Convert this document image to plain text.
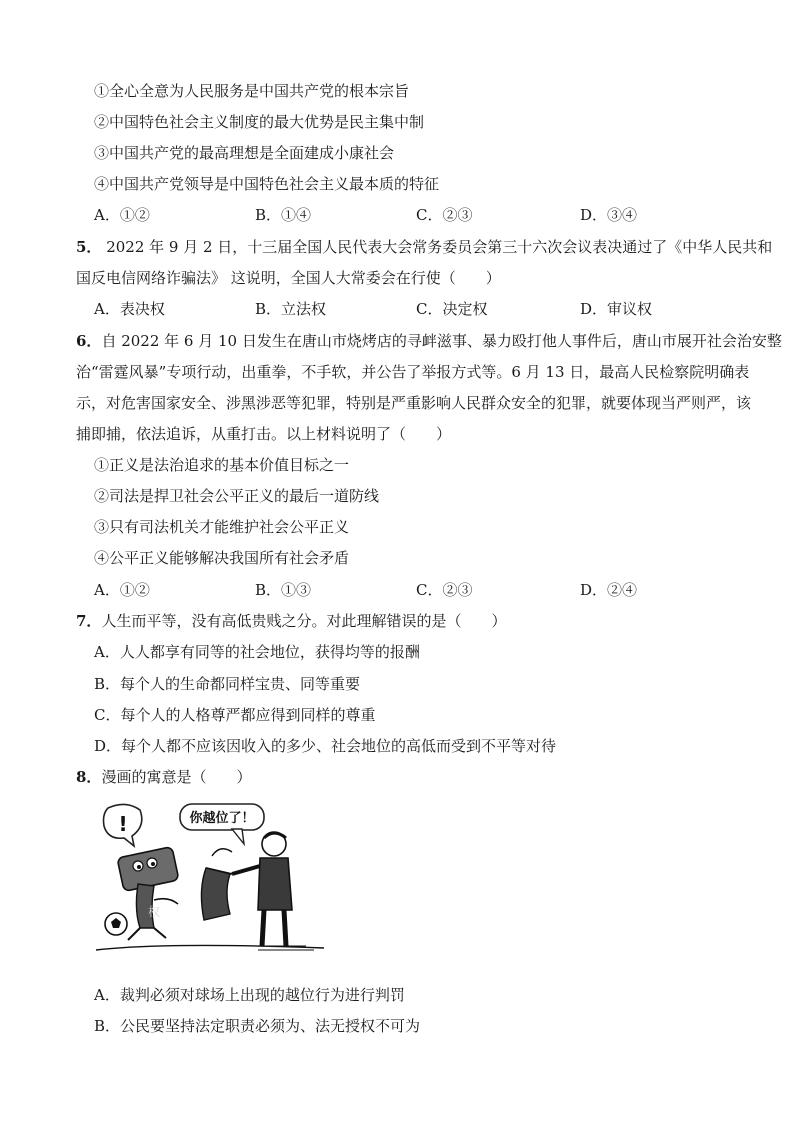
①全心全意为人民服务是中国共产党的根本宗旨
②中国特色社会主义制度的最大优势是民主集中制
③中国共产党的最高理想是全面建成小康社会
④中国共产党领导是中国特色社会主义最本质的特征
A．①②	B．①④	C．②③	D．③④
5． 2022 年 9 月 2 日，十三届全国人民代表大会常务委员会第三十六次会议表决通过了《中华人民共和
国反电信网络诈骗法》 这说明，全国人大常委会在行使（　　）
A．表决权	B．立法权	C．决定权	D．审议权
6．自 2022 年 6 月 10 日发生在唐山市烧烤店的寻衅滋事、暴力殴打他人事件后，唐山市展开社会治安整
治“雷霆风暴”专项行动，出重拳，不手软，并公告了举报方式等。6 月 13 日，最高人民检察院明确表
示，对危害国家安全、涉黑涉恶等犯罪，特别是严重影响人民群众安全的犯罪，就要体现当严则严，该
捕即捕，依法追诉，从重打击。以上材料说明了（　　）
①正义是法治追求的基本价值目标之一
②司法是捍卫社会公平正义的最后一道防线
③只有司法机关才能维护社会公平正义
④公平正义能够解决我国所有社会矛盾
A．①②	B．①③	C．②③	D．②④
7．人生而平等，没有高低贵贱之分。对此理解错误的是（　　）
A．人人都享有同等的社会地位，获得均等的报酬
B．每个人的生命都同样宝贵、同等重要
C．每个人的人格尊严都应得到同样的尊重
D．每个人都不应该因收入的多少、社会地位的高低而受到不平等对待
8．漫画的寓意是（　　）
!	你越位了！
权
A．裁判必须对球场上出现的越位行为进行判罚
B．公民要坚持法定职责必须为、法无授权不可为
